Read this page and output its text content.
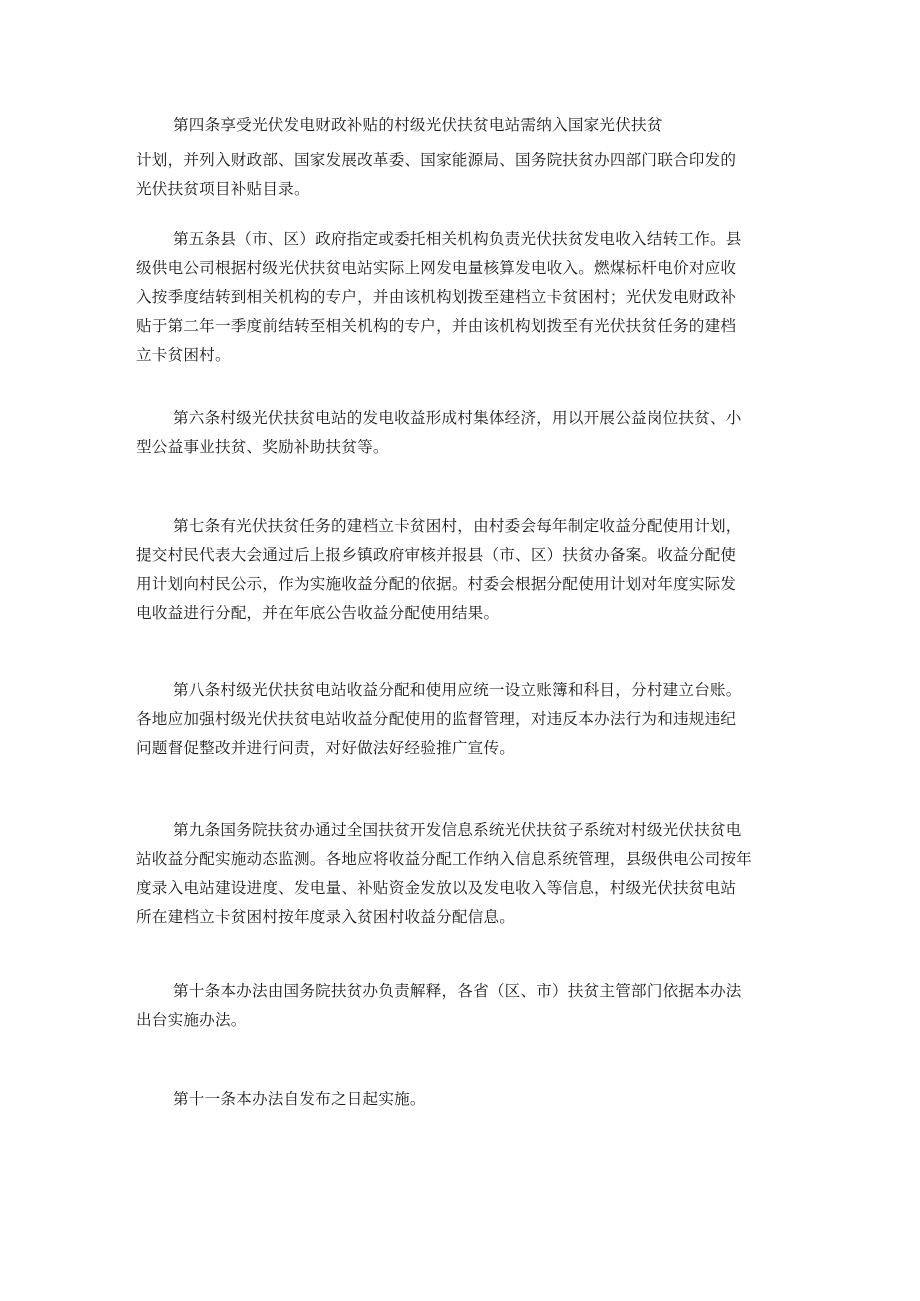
第四条享受光伏发电财政补贴的村级光伏扶贫电站需纳入国家光伏扶贫

计划，并列入财政部、国家发展改革委、国家能源局、国务院扶贫办四部门联合印发的
光伏扶贫项目补贴目录。

第五条县（市、区）政府指定或委托相关机构负责光伏扶贫发电收入结转工作。县
级供电公司根据村级光伏扶贫电站实际上网发电量核算发电收入。燃煤标杆电价对应收
入按季度结转到相关机构的专户，并由该机构划拨至建档立卡贫困村；光伏发电财政补
贴于第二年一季度前结转至相关机构的专户，并由该机构划拨至有光伏扶贫任务的建档
立卡贫困村。

第六条村级光伏扶贫电站的发电收益形成村集体经济，用以开展公益岗位扶贫、小
型公益事业扶贫、奖励补助扶贫等。

第七条有光伏扶贫任务的建档立卡贫困村，由村委会每年制定收益分配使用计划，
提交村民代表大会通过后上报乡镇政府审核并报县（市、区）扶贫办备案。收益分配使
用计划向村民公示，作为实施收益分配的依据。村委会根据分配使用计划对年度实际发
电收益进行分配，并在年底公告收益分配使用结果。

第八条村级光伏扶贫电站收益分配和使用应统一设立账簿和科目，分村建立台账。
各地应加强村级光伏扶贫电站收益分配使用的监督管理，对违反本办法行为和违规违纪
问题督促整改并进行问责，对好做法好经验推广宣传。

第九条国务院扶贫办通过全国扶贫开发信息系统光伏扶贫子系统对村级光伏扶贫电
站收益分配实施动态监测。各地应将收益分配工作纳入信息系统管理，县级供电公司按年
度录入电站建设进度、发电量、补贴资金发放以及发电收入等信息，村级光伏扶贫电站
所在建档立卡贫困村按年度录入贫困村收益分配信息。

第十条本办法由国务院扶贫办负责解释，各省（区、市）扶贫主管部门依据本办法
出台实施办法。

第十一条本办法自发布之日起实施。
